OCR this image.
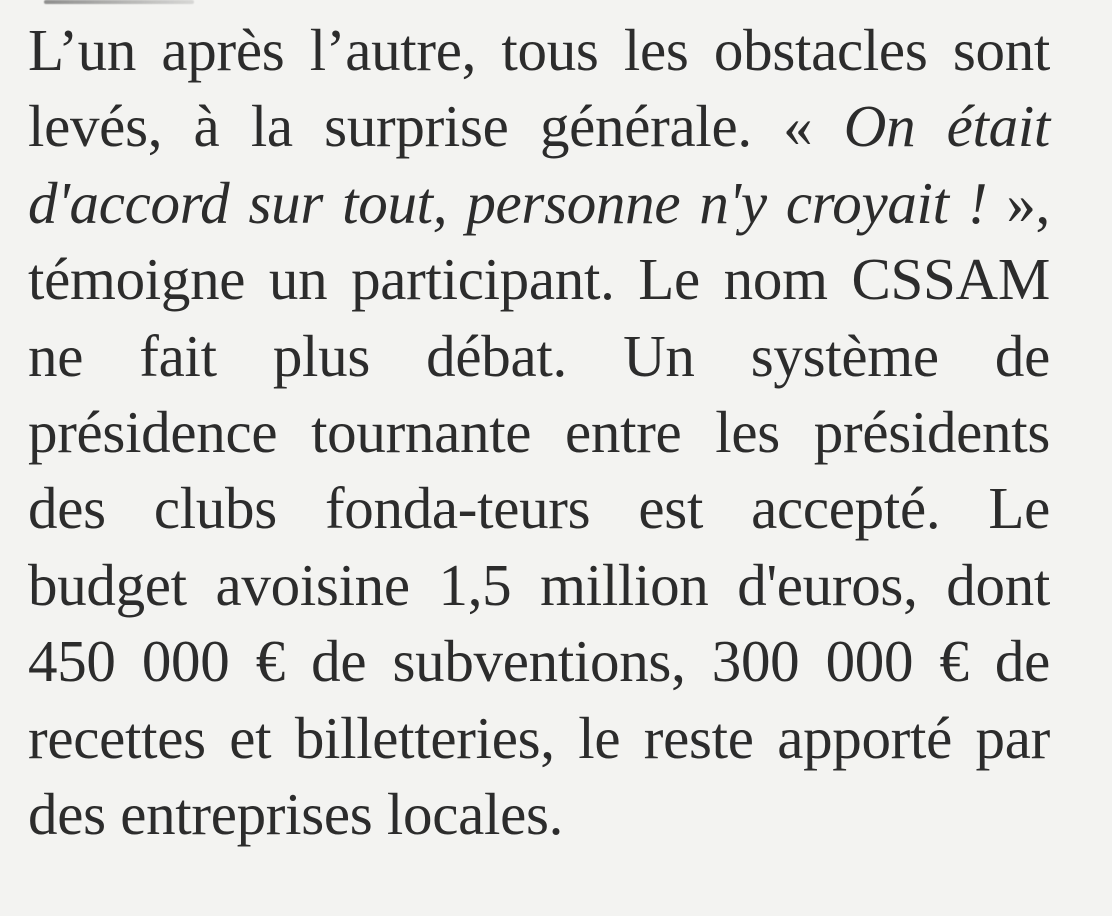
L’un après l’autre, tous les obstacles sont levés, à la surprise générale. « On était d'accord sur tout, personne n'y croyait ! », témoigne un participant. Le nom CSSAM ne fait plus débat. Un système de présidence tournante entre les présidents des clubs fonda-teurs est accepté. Le budget avoisine 1,5 million d'euros, dont 450 000 € de subventions, 300 000 € de recettes et billetteries, le reste apporté par des entreprises locales.
